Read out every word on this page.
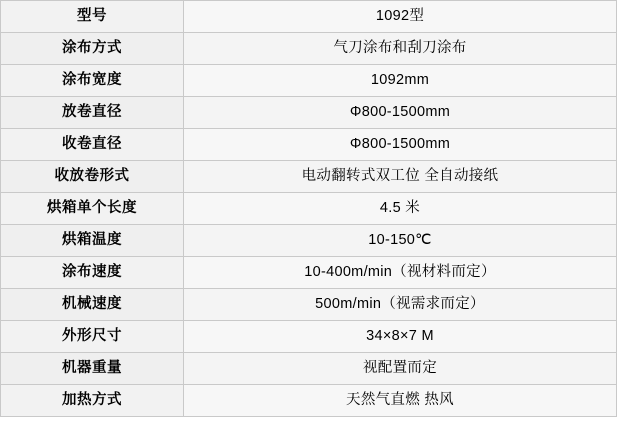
型号	1092型
涂布方式	气刀涂布和刮刀涂布
涂布宽度	1092mm
放卷直径	Φ800-1500mm
收卷直径	Φ800-1500mm
收放卷形式	电动翻转式双工位 全自动接纸
烘箱单个长度	4.5 米
烘箱温度	10-150℃
涂布速度	10-400m/min（视材料而定）
机械速度	500m/min（视需求而定）
外形尺寸	34×8×7 M
机器重量	视配置而定
加热方式	天然气直燃 热风
